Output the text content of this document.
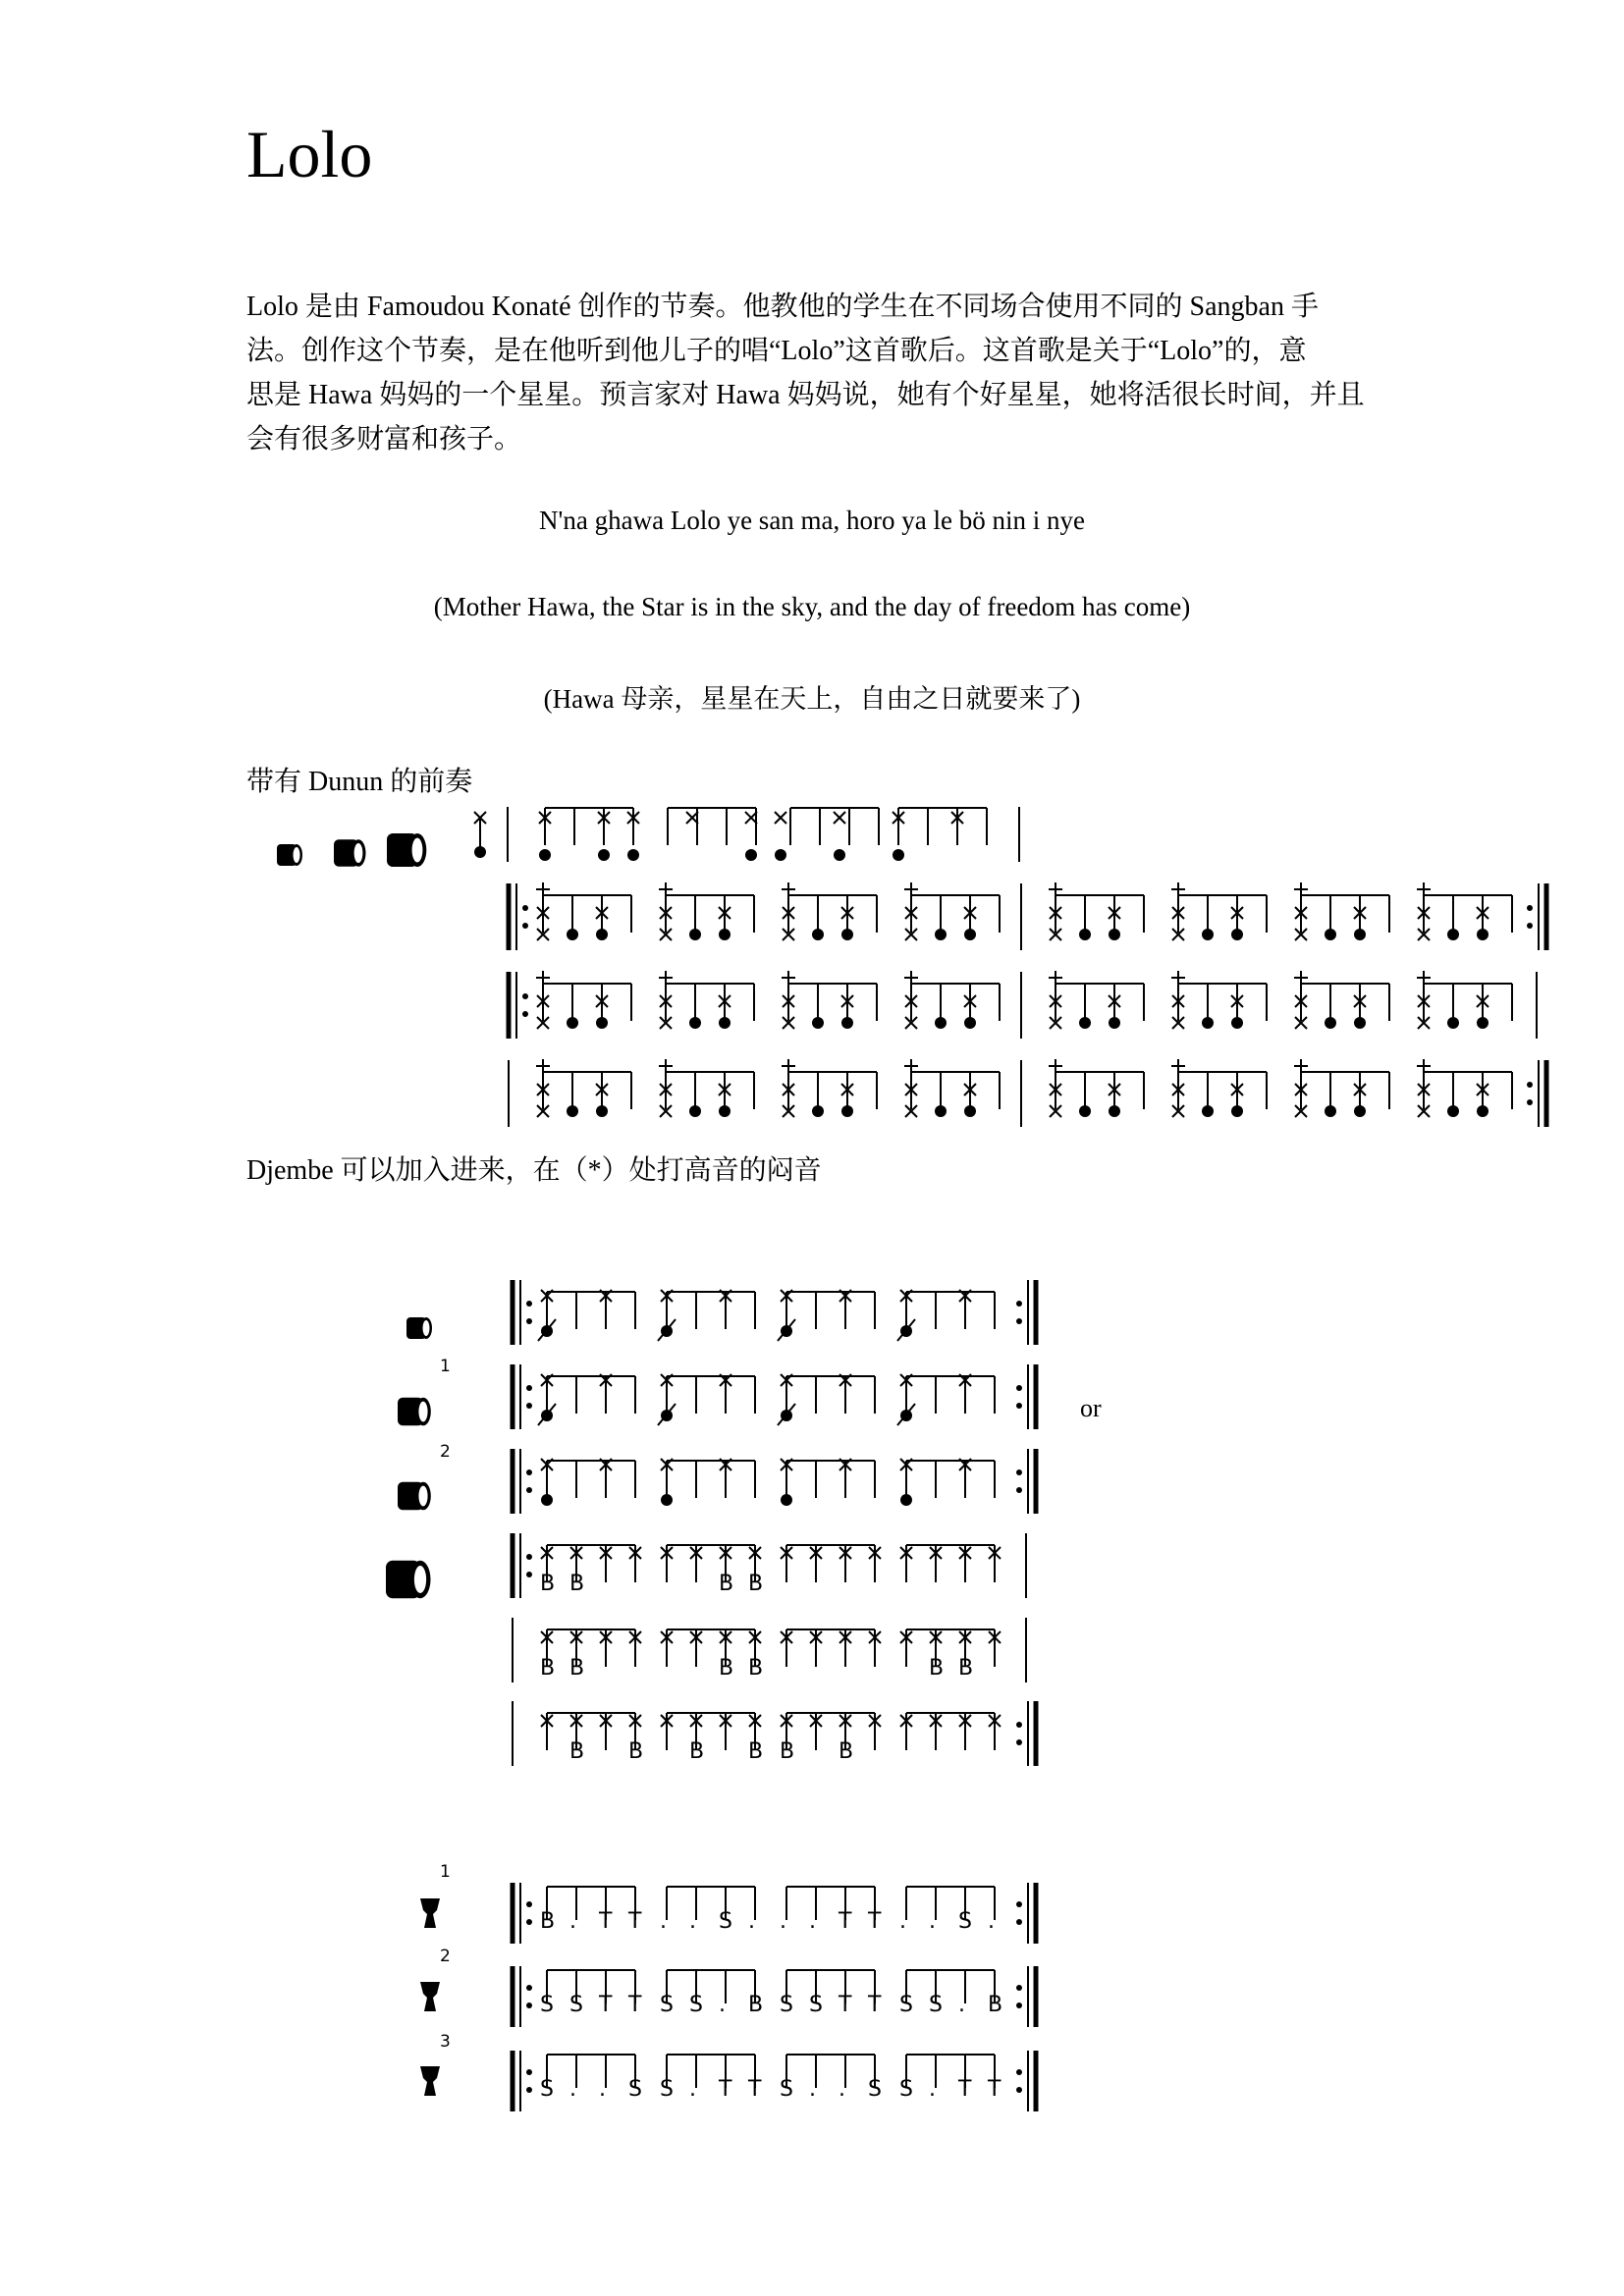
Lolo
Lolo 是由 Famoudou Konaté 创作的节奏。他教他的学生在不同场合使用不同的 Sangban 手
法。创作这个节奏，是在他听到他儿子的唱“Lolo”这首歌后。这首歌是关于“Lolo”的，意
思是 Hawa 妈妈的一个星星。预言家对 Hawa 妈妈说，她有个好星星，她将活很长时间，并且
会有很多财富和孩子。
N'na ghawa Lolo ye san ma, horo ya le bö nin i nye
(Mother Hawa, the Star is in the sky, and the day of freedom has come)
(Hawa 母亲，星星在天上，自由之日就要来了)
带有 Dunun 的前奏
Djembe 可以加入进来，在（*）处打高音的闷音
or
1
2
1
2
3
B B	B B
B B	B B	B B
B B B B B B
B . T T . . S . . . T T . . S .
S S T T S S . B S S T T S S . B
S . . S S . T T S . . S S . T T
